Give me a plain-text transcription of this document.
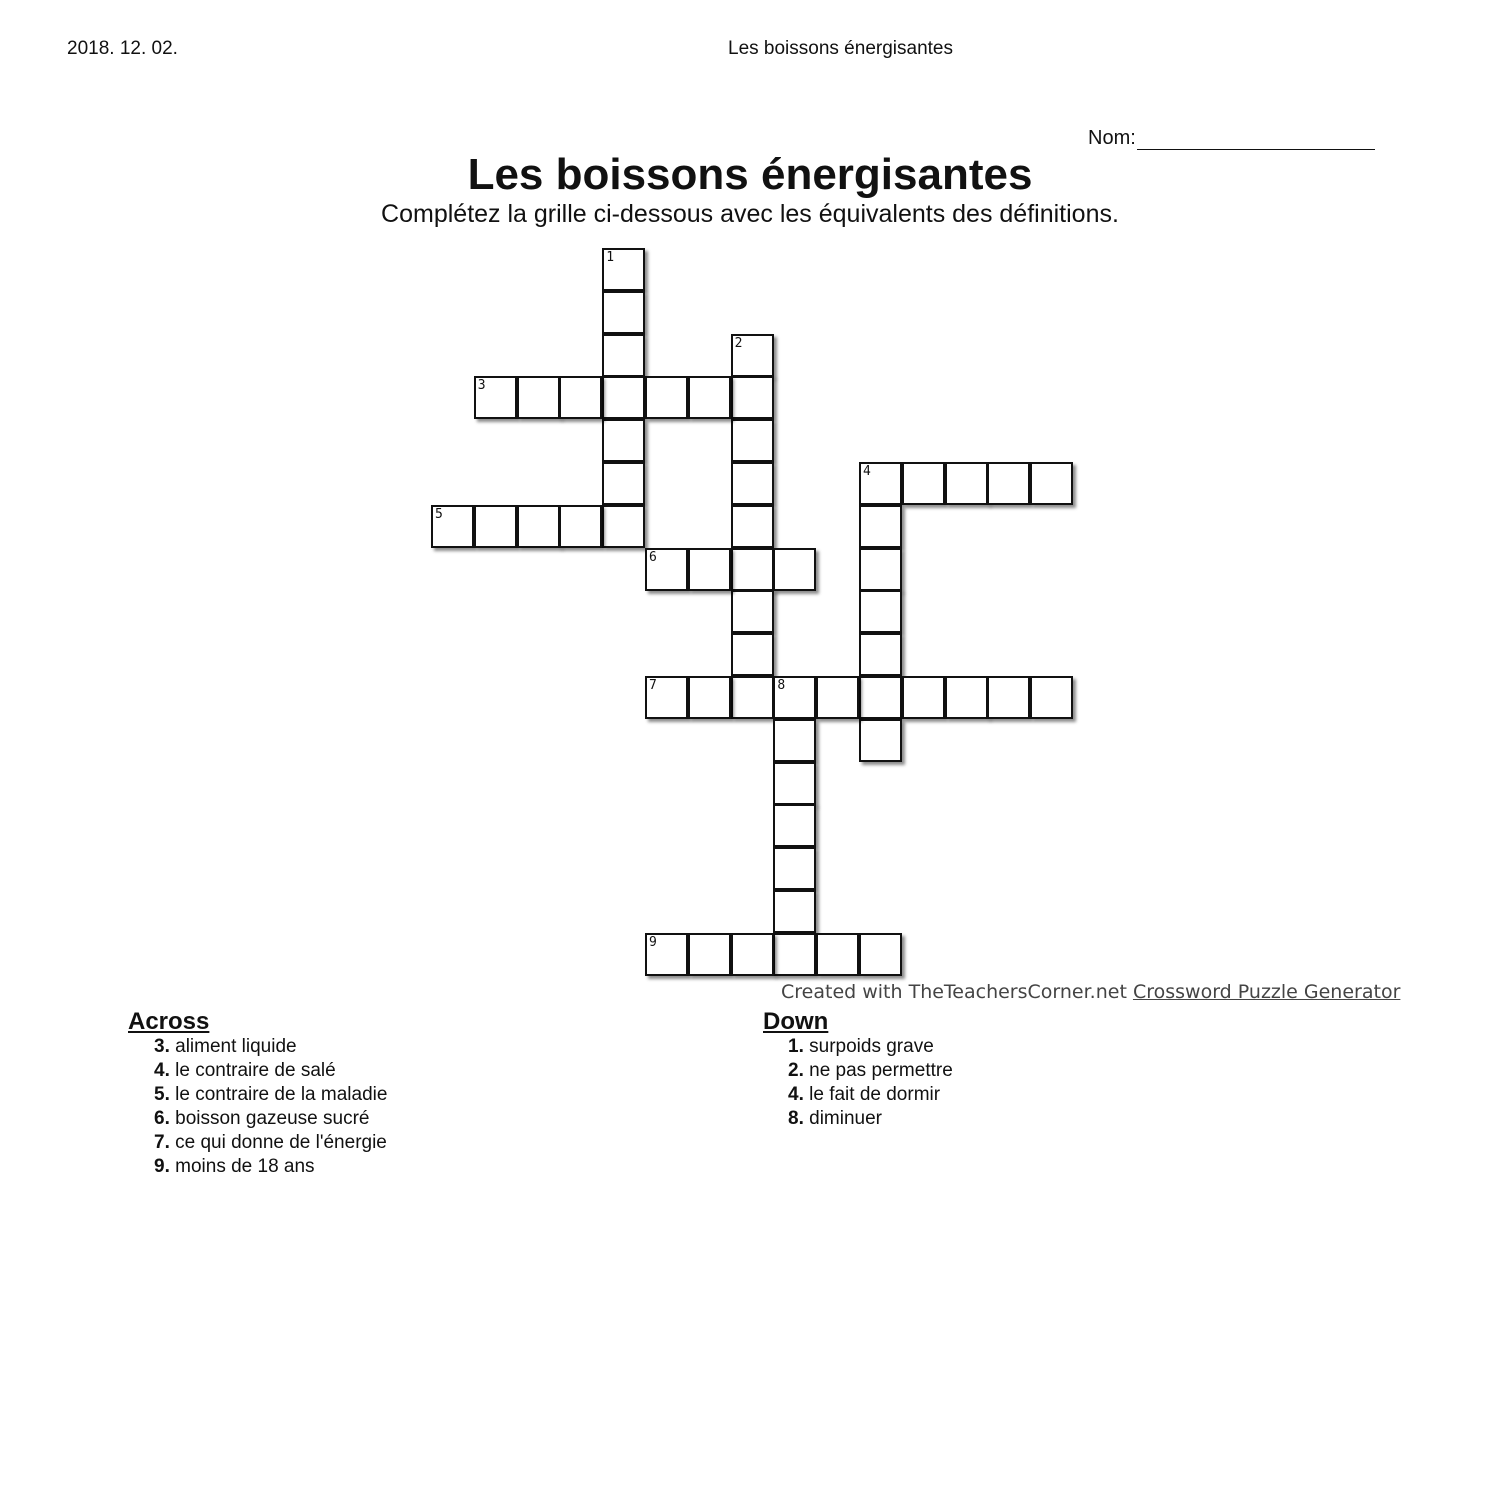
2018. 12. 02.	Les boissons énergisantes
Nom:
Les boissons énergisantes
Complétez la grille ci-dessous avec les équivalents des définitions.
1
2
3
4
5
6
7	8
9
Created with TheTeachersCorner.net Crossword Puzzle Generator
Across
3. aliment liquide
4. le contraire de salé
5. le contraire de la maladie
6. boisson gazeuse sucré
7. ce qui donne de l'énergie
9. moins de 18 ans
Down
1. surpoids grave
2. ne pas permettre
4. le fait de dormir
8. diminuer
